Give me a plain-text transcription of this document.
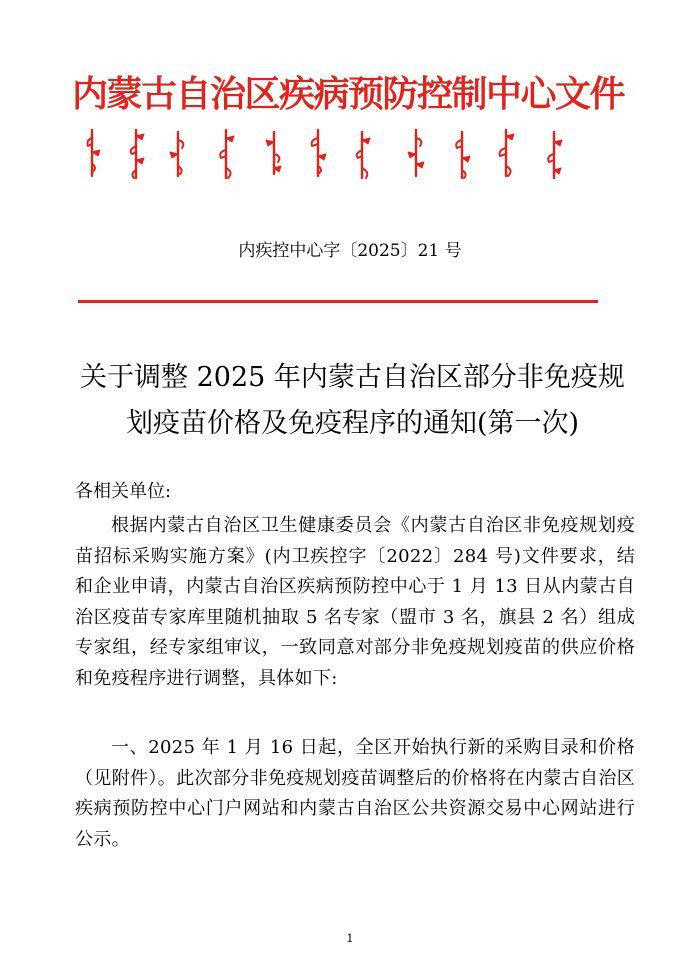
内蒙古自治区疾病预防控制中心文件
内疾控中心字〔2025〕21 号
关于调整 2025 年内蒙古自治区部分非免疫规
划疫苗价格及免疫程序的通知(第一次)
各相关单位:
根据内蒙古自治区卫生健康委员会《内蒙古自治区非免疫规划疫苗招标采购实施方案》(内卫疾控字〔2022〕284 号)文件要求，结和企业申请，内蒙古自治区疾病预防控中心于 1 月 13 日从内蒙古自治区疫苗专家库里随机抽取 5 名专家（盟市 3 名，旗县 2 名）组成专家组，经专家组审议，一致同意对部分非免疫规划疫苗的供应价格和免疫程序进行调整，具体如下:
一、2025 年 1 月 16 日起，全区开始执行新的采购目录和价格（见附件）。此次部分非免疫规划疫苗调整后的价格将在内蒙古自治区疾病预防控中心门户网站和内蒙古自治区公共资源交易中心网站进行公示。
1
